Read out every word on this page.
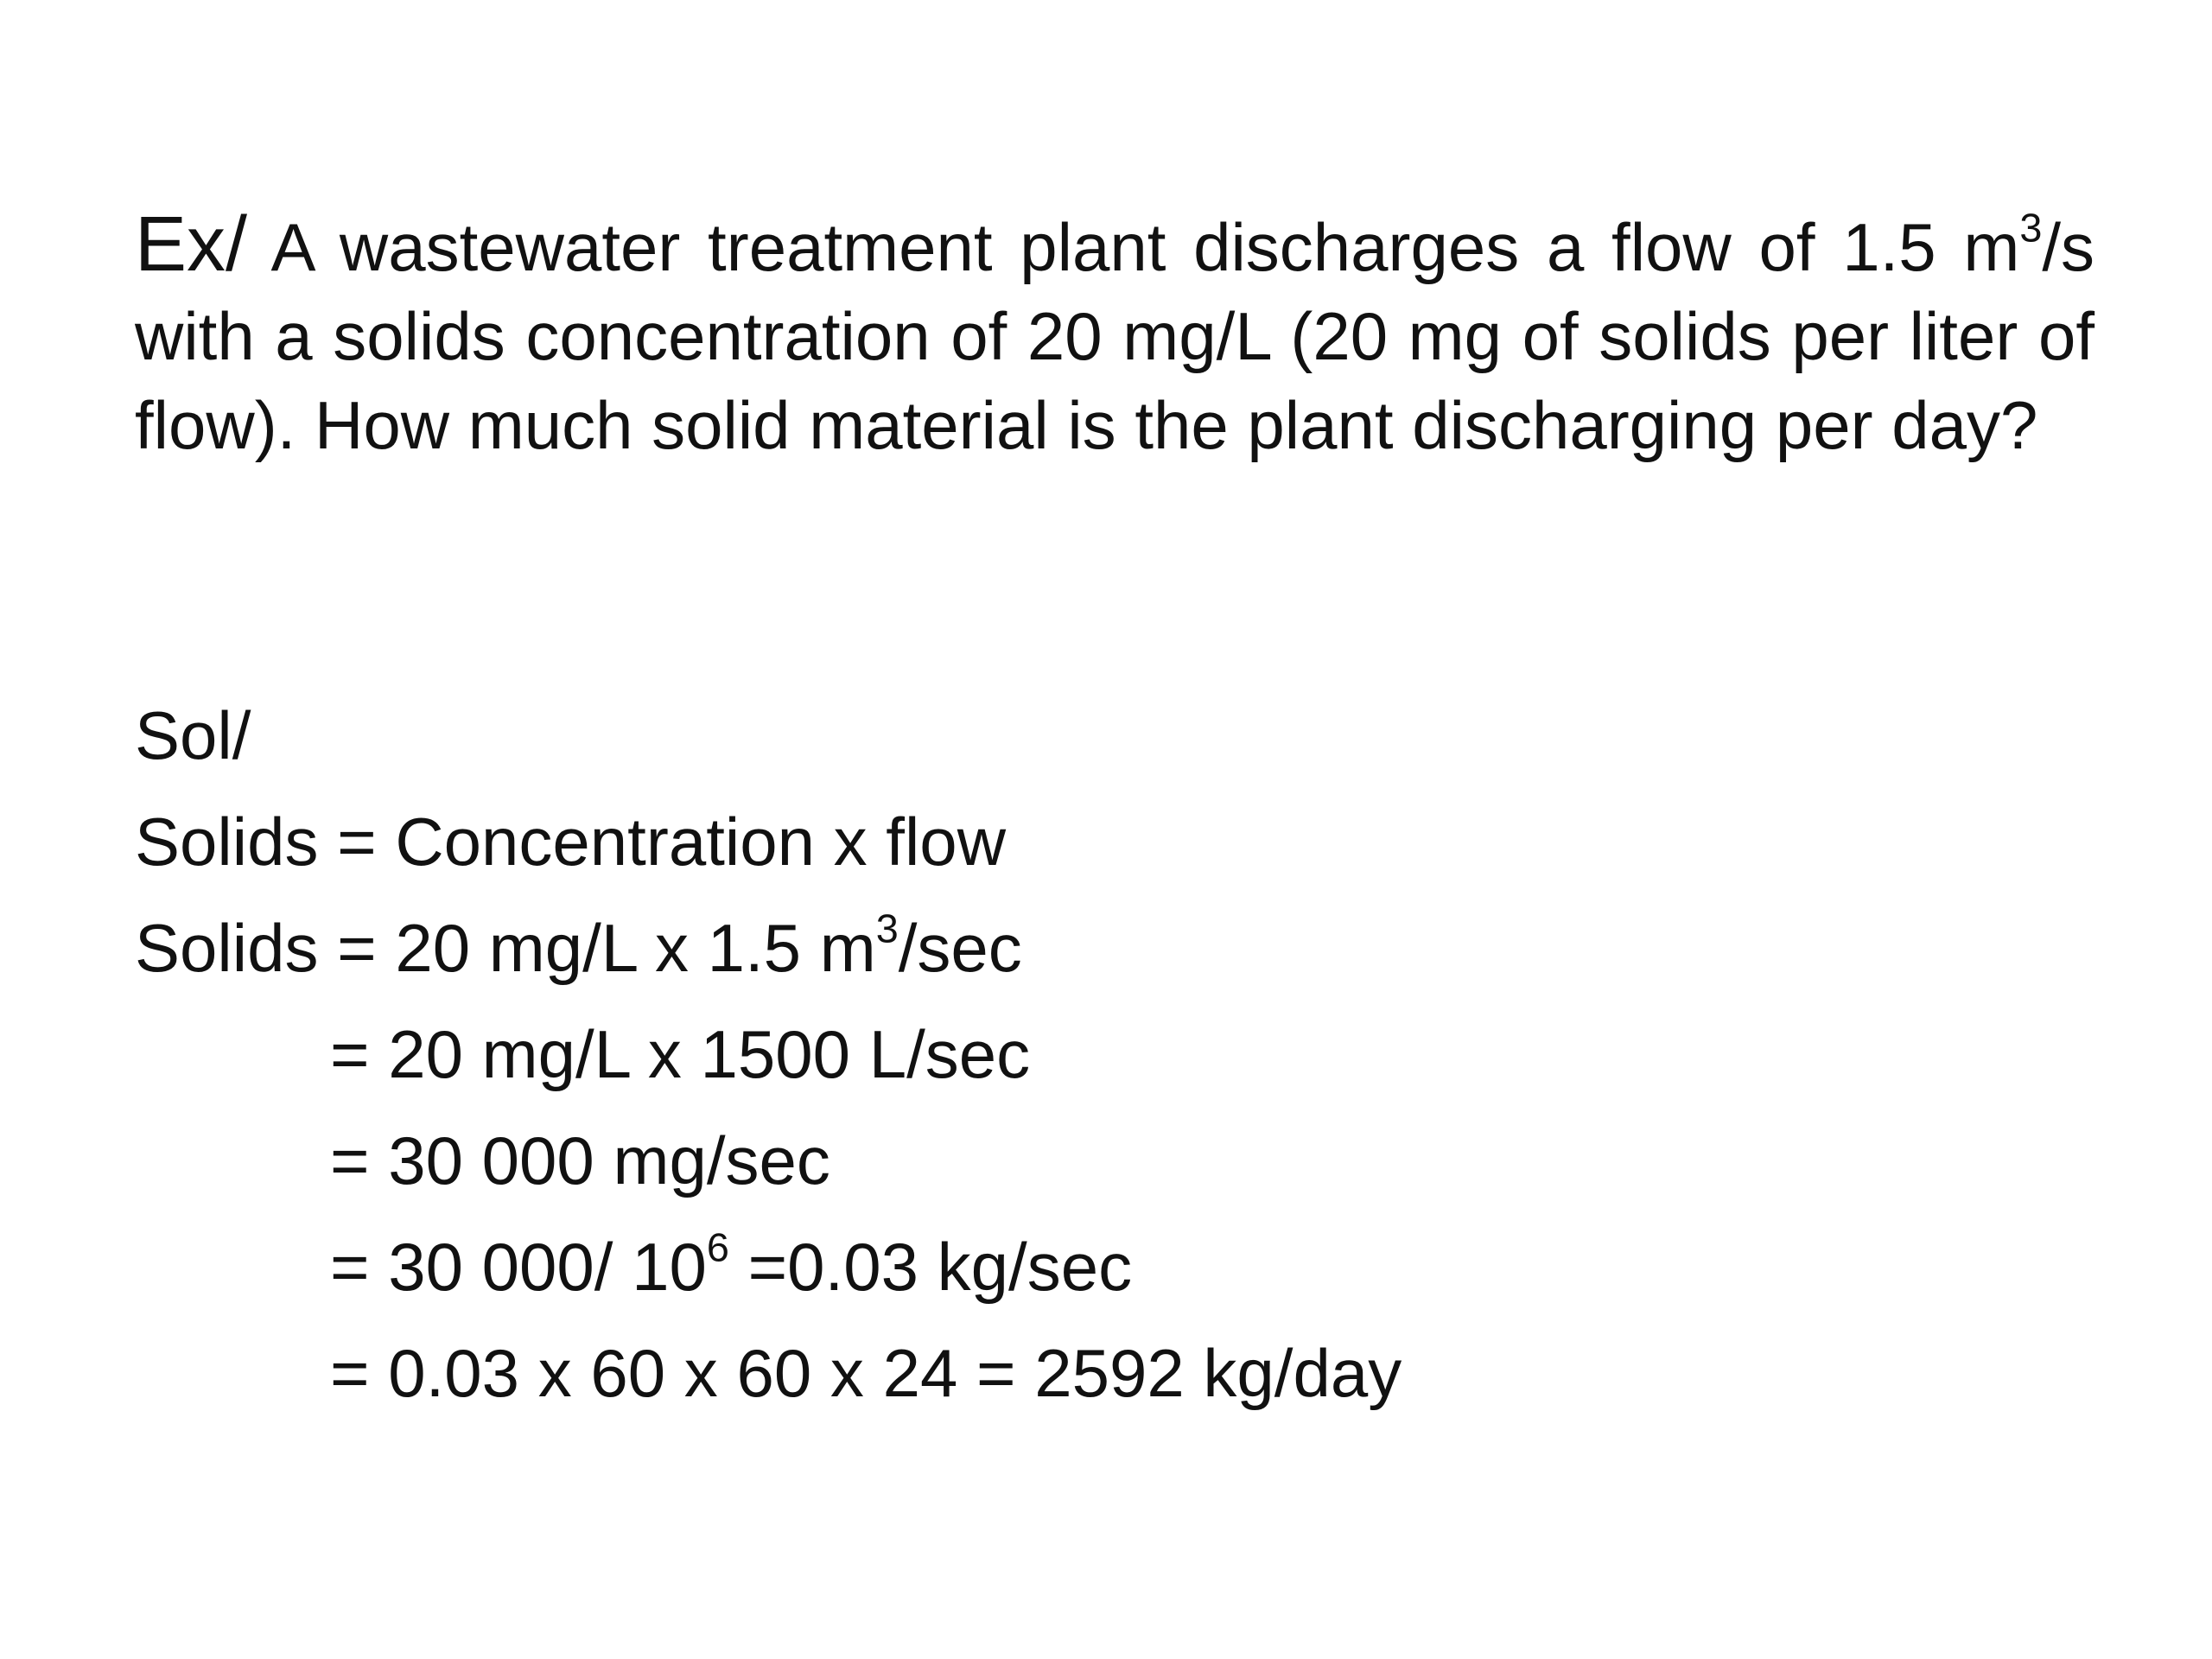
Ex/ A wastewater treatment plant discharges a flow of 1.5 $m^3/s$ with a solids concentration of 20 mg/L (20 mg of solids per liter of flow). How much solid material is the plant discharging per day?
Sol/
Solids = Concentration x flow
Solids = 20 mg/L x 1.5 $m^3/\sec$
= 20 mg/L x 1500 L/sec
= 30 000 mg/sec
= 30 000/ $10^6 =0.03$ kg/sec
= 0.03 x 60 x 60 x 24 = 2592 kg/day
